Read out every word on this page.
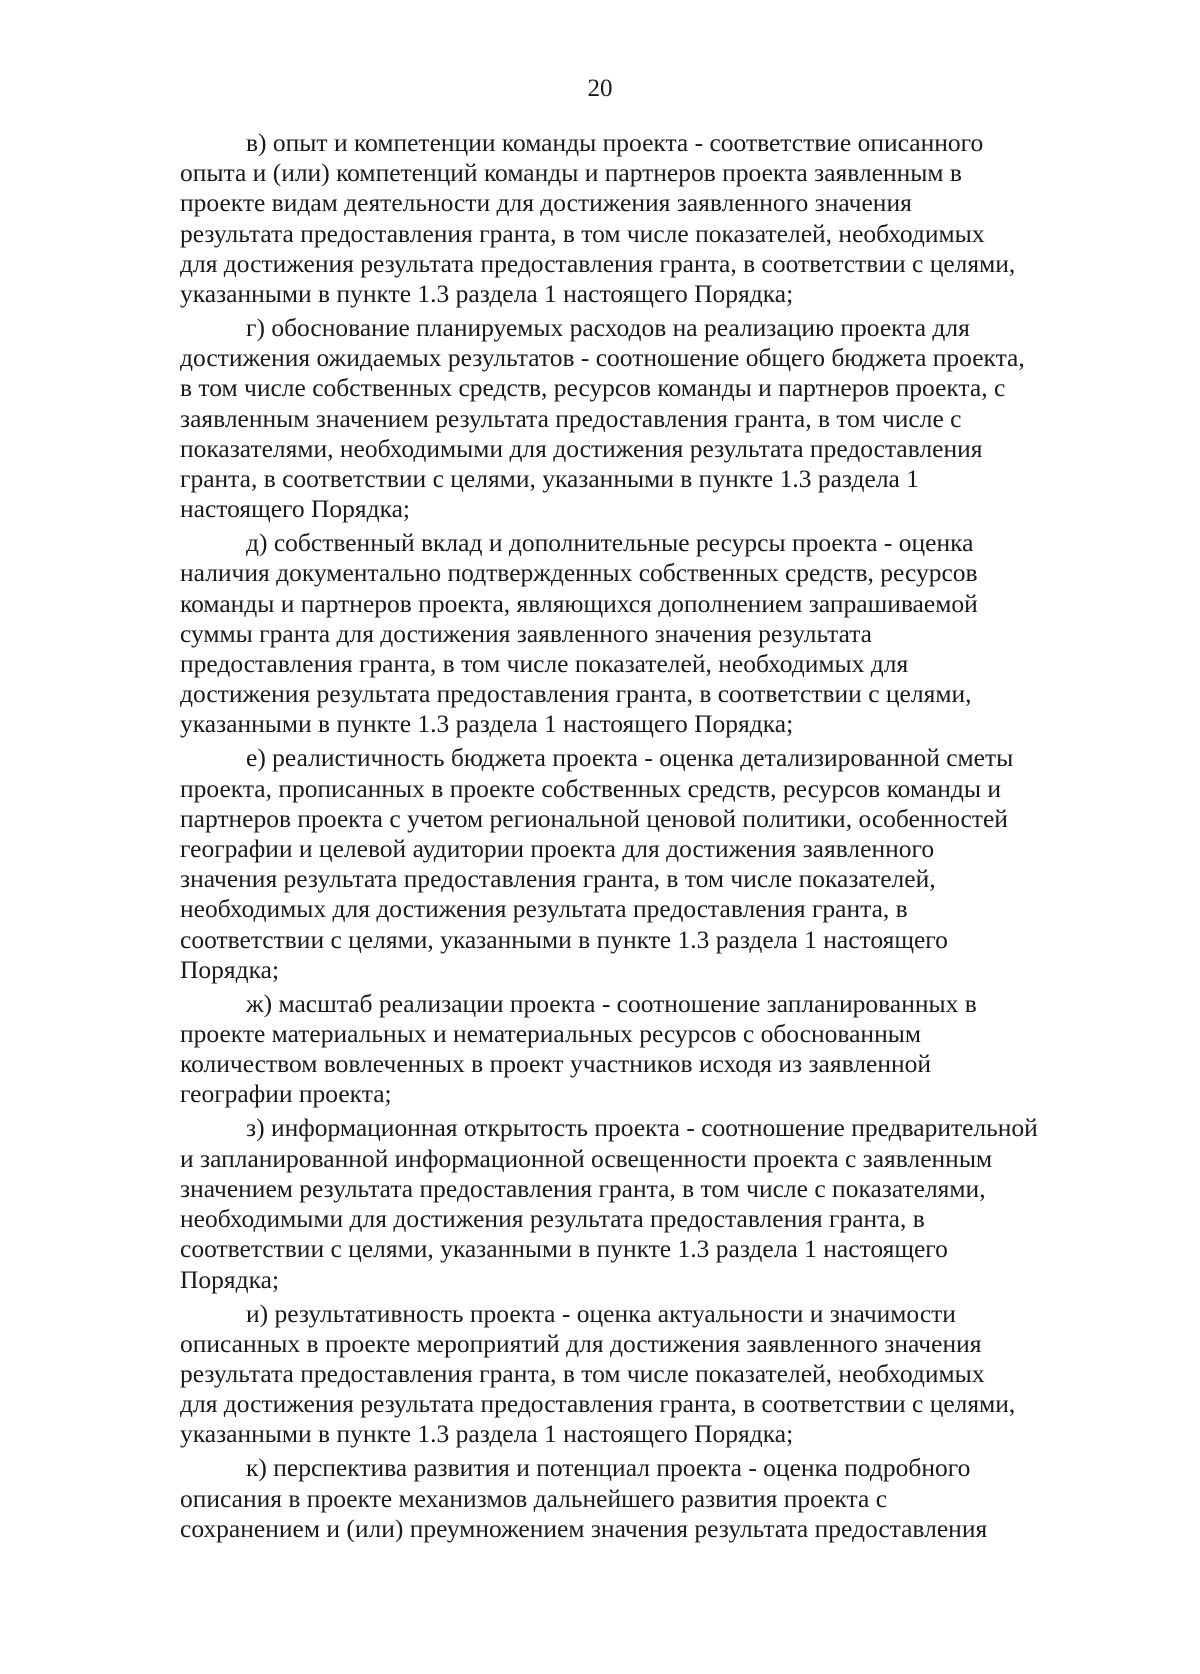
20

в) опыт и компетенции команды проекта - соответствие описанного
опыта и (или) компетенций команды и партнеров проекта заявленным в
проекте видам деятельности для достижения заявленного значения
результата предоставления гранта, в том числе показателей, необходимых
для достижения результата предоставления гранта, в соответствии с целями,
указанными в пункте 1.3 раздела 1 настоящего Порядка;

г) обоснование планируемых расходов на реализацию проекта для
достижения ожидаемых результатов - соотношение общего бюджета проекта,
в том числе собственных средств, ресурсов команды и партнеров проекта, с
заявленным значением результата предоставления гранта, в том числе с
показателями, необходимыми для достижения результата предоставления
гранта, в соответствии с целями, указанными в пункте 1.3 раздела 1
настоящего Порядка;

д) собственный вклад и дополнительные ресурсы проекта - оценка
наличия документально подтвержденных собственных средств, ресурсов
команды и партнеров проекта, являющихся дополнением запрашиваемой
суммы гранта для достижения заявленного значения результата
предоставления гранта, в том числе показателей, необходимых для
достижения результата предоставления гранта, в соответствии с целями,
указанными в пункте 1.3 раздела 1 настоящего Порядка;

е) реалистичность бюджета проекта - оценка детализированной сметы
проекта, прописанных в проекте собственных средств, ресурсов команды и
партнеров проекта с учетом региональной ценовой политики, особенностей
географии и целевой аудитории проекта для достижения заявленного
значения результата предоставления гранта, в том числе показателей,
необходимых для достижения результата предоставления гранта, в
соответствии с целями, указанными в пункте 1.3 раздела 1 настоящего
Порядка;

ж) масштаб реализации проекта - соотношение запланированных в
проекте материальных и нематериальных ресурсов с обоснованным
количеством вовлеченных в проект участников исходя из заявленной
географии проекта;

з) информационная открытость проекта - соотношение предварительной
и запланированной информационной освещенности проекта с заявленным
значением результата предоставления гранта, в том числе с показателями,
необходимыми для достижения результата предоставления гранта, в
соответствии с целями, указанными в пункте 1.3 раздела 1 настоящего
Порядка;

и) результативность проекта - оценка актуальности и значимости
описанных в проекте мероприятий для достижения заявленного значения
результата предоставления гранта, в том числе показателей, необходимых
для достижения результата предоставления гранта, в соответствии с целями,
указанными в пункте 1.3 раздела 1 настоящего Порядка;

к) перспектива развития и потенциал проекта - оценка подробного
описания в проекте механизмов дальнейшего развития проекта с
сохранением и (или) преумножением значения результата предоставления
